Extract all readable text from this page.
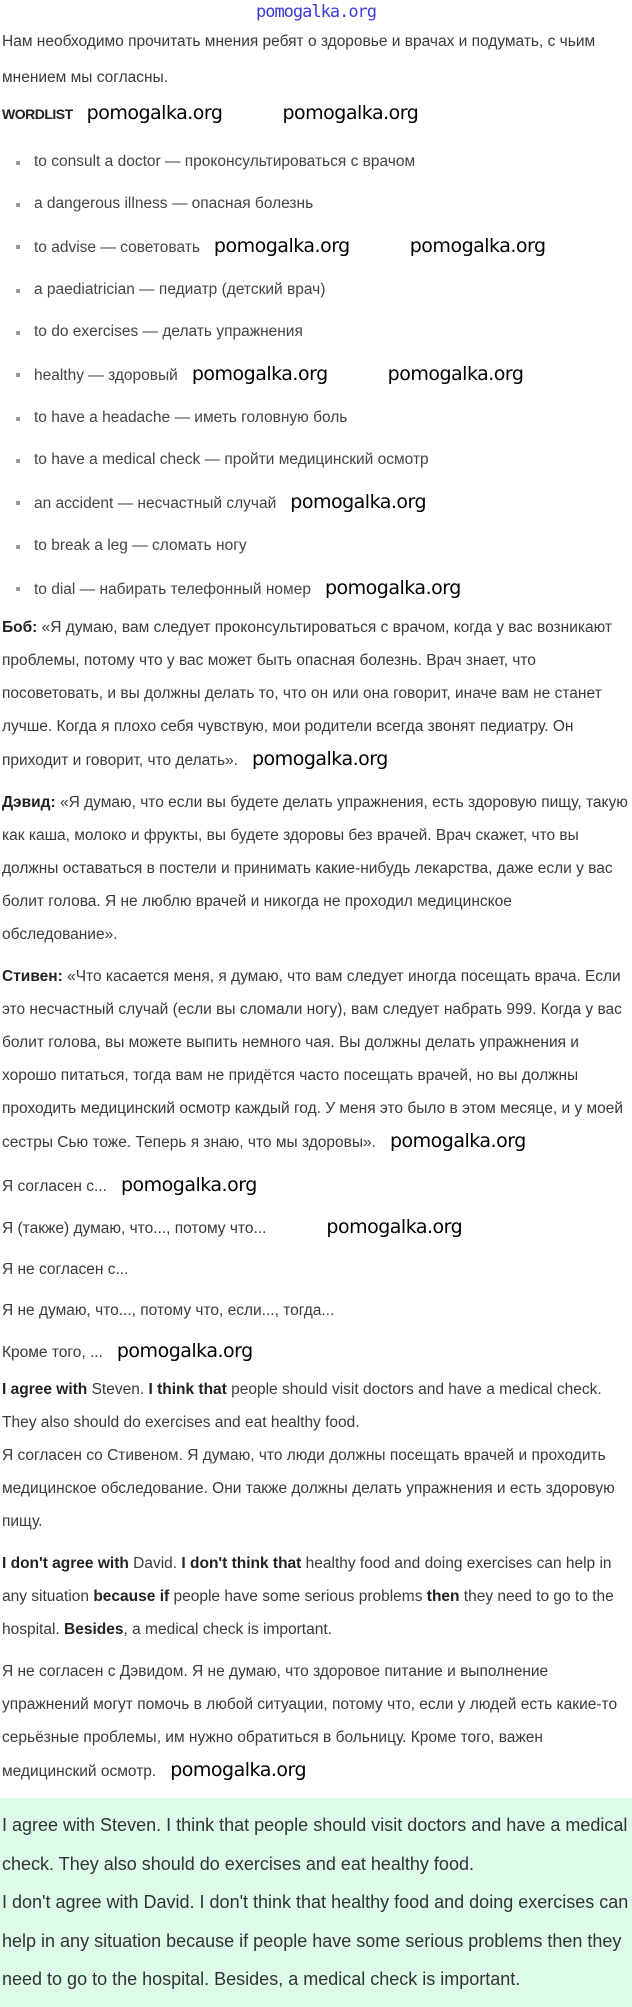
pomogalka.org

Нам необходимо прочитать мнения ребят о здоровье и врачах и подумать, с чьим мнением мы согласны.

WORDLIST pomogalka.org	pomogalka.org
to consult a doctor — проконсультироваться с врачом
a dangerous illness — опасная болезнь
to advise — советовать pomogalka.org	pomogalka.org
a paediatrician — педиатр (детский врач)
to do exercises — делать упражнения
healthy — здоровый pomogalka.org	pomogalka.org
to have a headache — иметь головную боль
to have a medical check — пройти медицинский осмотр
an accident — несчастный случай pomogalka.org
to break a leg — сломать ногу
to dial — набирать телефонный номер pomogalka.org

Боб: «Я думаю, вам следует проконсультироваться с врачом, когда у вас возникают проблемы, потому что у вас может быть опасная болезнь. Врач знает, что посоветовать, и вы должны делать то, что он или она говорит, иначе вам не станет лучше. Когда я плохо себя чувствую, мои родители всегда звонят педиатру. Он приходит и говорит, что делать». pomogalka.org

Дэвид: «Я думаю, что если вы будете делать упражнения, есть здоровую пищу, такую как каша, молоко и фрукты, вы будете здоровы без врачей. Врач скажет, что вы должны оставаться в постели и принимать какие-нибудь лекарства, даже если у вас болит голова. Я не люблю врачей и никогда не проходил медицинское обследование».

Стивен: «Что касается меня, я думаю, что вам следует иногда посещать врача. Если это несчастный случай (если вы сломали ногу), вам следует набрать 999. Когда у вас болит голова, вы можете выпить немного чая. Вы должны делать упражнения и хорошо питаться, тогда вам не придётся часто посещать врачей, но вы должны проходить медицинский осмотр каждый год. У меня это было в этом месяце, и у моей сестры Сью тоже. Теперь я знаю, что мы здоровы». pomogalka.org

Я согласен с... pomogalka.org

Я (также) думаю, что..., потому что...	pomogalka.org

Я не согласен с...

Я не думаю, что..., потому что, если..., тогда...

Кроме того, ... pomogalka.org

I agree with Steven. I think that people should visit doctors and have a medical check. They also should do exercises and eat healthy food.

Я согласен со Стивеном. Я думаю, что люди должны посещать врачей и проходить медицинское обследование. Они также должны делать упражнения и есть здоровую пищу.

I don't agree with David. I don't think that healthy food and doing exercises can help in any situation because if people have some serious problems then they need to go to the hospital. Besides, a medical check is important.

Я не согласен с Дэвидом. Я не думаю, что здоровое питание и выполнение упражнений могут помочь в любой ситуации, потому что, если у людей есть какие-то серьёзные проблемы, им нужно обратиться в больницу. Кроме того, важен медицинский осмотр. pomogalka.org

I agree with Steven. I think that people should visit doctors and have a medical check. They also should do exercises and eat healthy food.

I don't agree with David. I don't think that healthy food and doing exercises can help in any situation because if people have some serious problems then they need to go to the hospital. Besides, a medical check is important.
